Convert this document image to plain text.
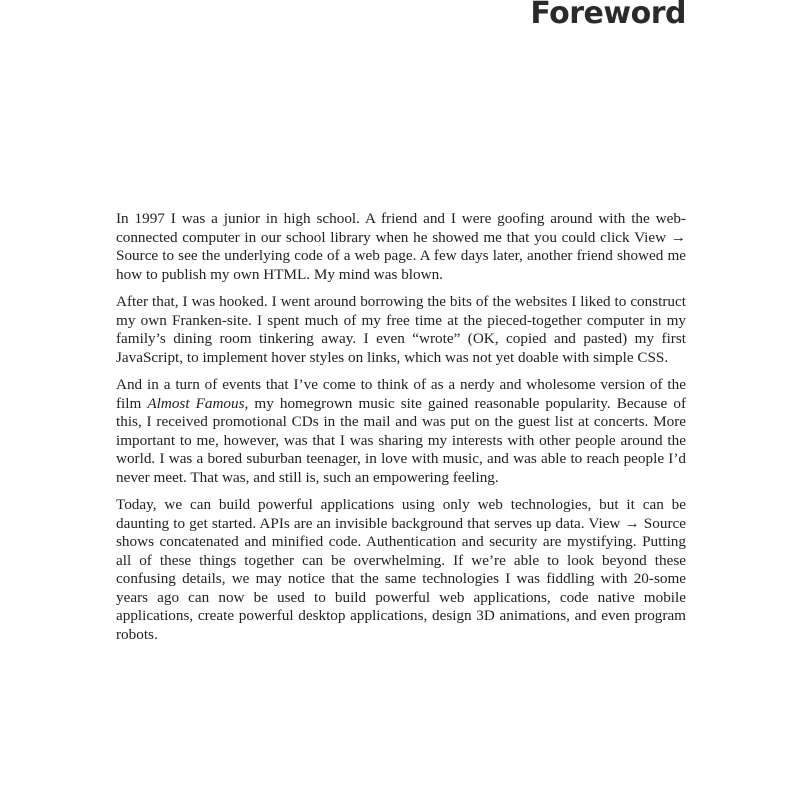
Foreword

In 1997 I was a junior in high school. A friend and I were goofing around with the web-connected computer in our school library when he showed me that you could click View → Source to see the underlying code of a web page. A few days later, another friend showed me how to publish my own HTML. My mind was blown.

After that, I was hooked. I went around borrowing the bits of the websites I liked to construct my own Franken-site. I spent much of my free time at the pieced-together computer in my family’s dining room tinkering away. I even “wrote” (OK, copied and pasted) my first JavaScript, to implement hover styles on links, which was not yet doable with simple CSS.

And in a turn of events that I’ve come to think of as a nerdy and wholesome version of the film Almost Famous, my homegrown music site gained reasonable popularity. Because of this, I received promotional CDs in the mail and was put on the guest list at concerts. More important to me, however, was that I was sharing my interests with other people around the world. I was a bored suburban teenager, in love with music, and was able to reach people I’d never meet. That was, and still is, such an empowering feeling.

Today, we can build powerful applications using only web technologies, but it can be daunting to get started. APIs are an invisible background that serves up data. View → Source shows concatenated and minified code. Authentication and security are mystifying. Putting all of these things together can be overwhelming. If we’re able to look beyond these confusing details, we may notice that the same technologies I was fiddling with 20-some years ago can now be used to build powerful web applications, code native mobile applications, create powerful desktop applications, design 3D animations, and even program robots.
